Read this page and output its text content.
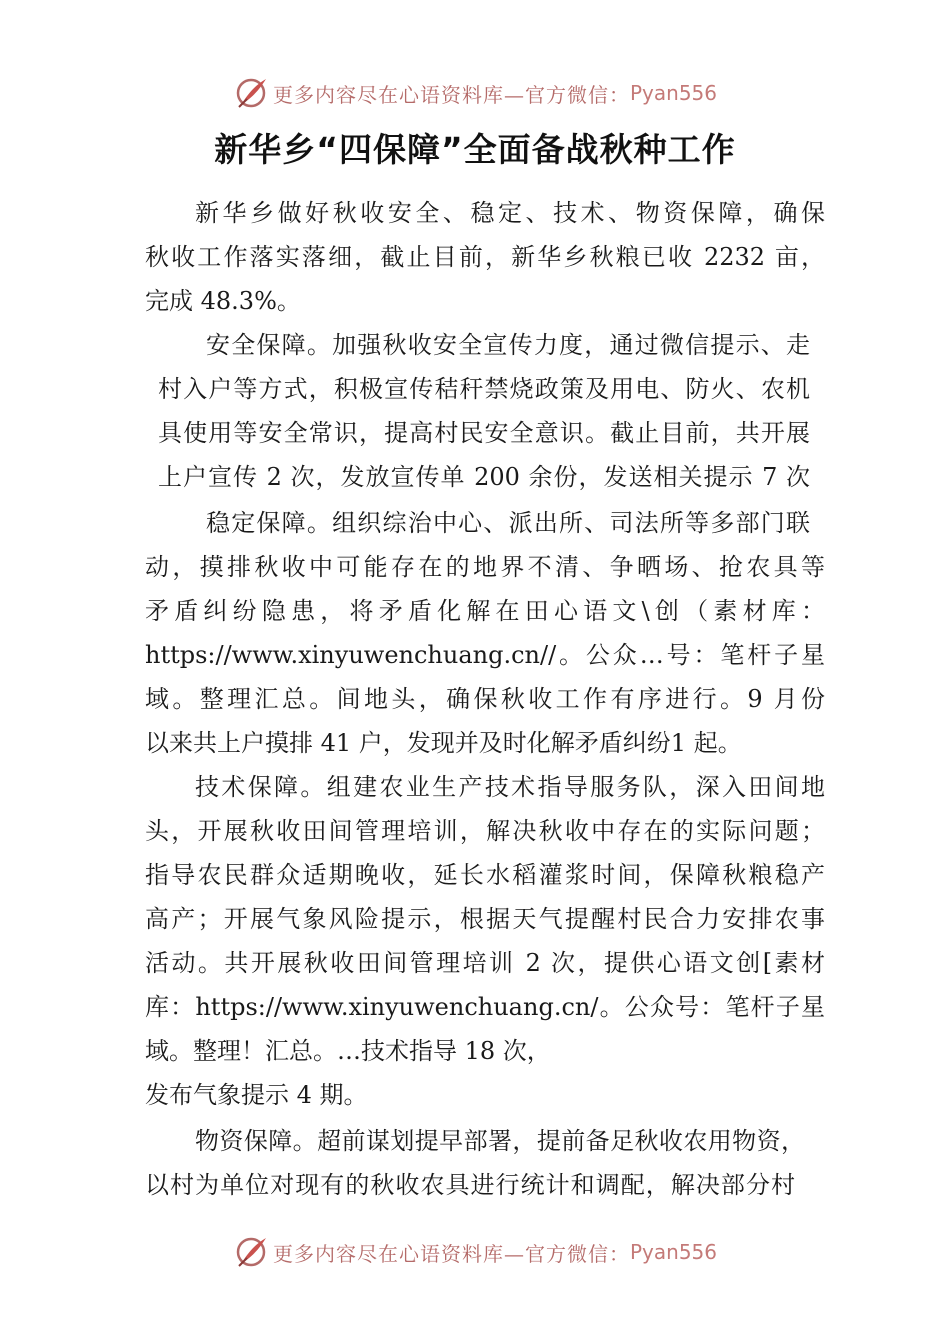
更多内容尽在心语资料库—官方微信： Pyan556
新华乡“四保障”全面备战秋种工作
新华乡做好秋收安全、稳定、技术、物资保障，确保
秋收工作落实落细，截止目前，新华乡秋粮已收 2232 亩，
完成 48.3%。
安全保障。加强秋收安全宣传力度，通过微信提示、走
村入户等方式，积极宣传秸秆禁烧政策及用电、防火、农机
具使用等安全常识，提高村民安全意识。截止目前，共开展
上户宣传 2 次，发放宣传单 200 余份，发送相关提示 7 次
稳定保障。组织综治中心、派出所、司法所等多部门联
动，摸排秋收中可能存在的地界不清、争晒场、抢农具等
矛盾纠纷隐患，将矛盾化解在田心语文\创（素材库：
https://www.xinyuwenchuang.cn//。公众…号：笔杆子星
域。整理汇总。间地头，确保秋收工作有序进行。9 月份
以来共上户摸排 41 户，发现并及时化解矛盾纠纷1 起。
技术保障。组建农业生产技术指导服务队，深入田间地
头，开展秋收田间管理培训，解决秋收中存在的实际问题；
指导农民群众适期晚收，延长水稻灌浆时间，保障秋粮稳产
高产；开展气象风险提示，根据天气提醒村民合力安排农事
活动。共开展秋收田间管理培训 2 次，提供心语文创[素材
库：https://www.xinyuwenchuang.cn/。公众号：笔杆子星
域。整理！汇总。…技术指导 18 次，
发布气象提示 4 期。
物资保障。超前谋划提早部署，提前备足秋收农用物资，
以村为单位对现有的秋收农具进行统计和调配，解决部分村
更多内容尽在心语资料库—官方微信： Pyan556
